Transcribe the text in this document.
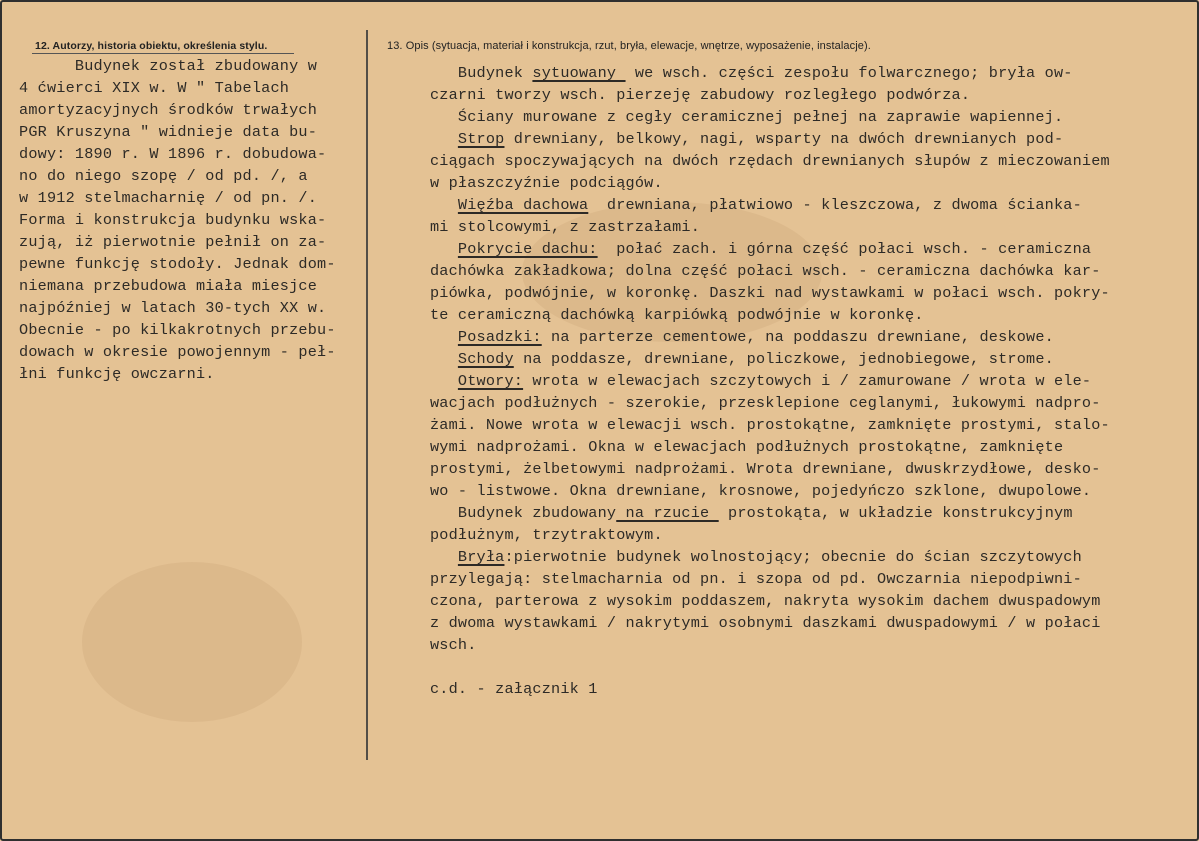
12. Autorzy, historia obiektu, określenia stylu.	13. Opis (sytuacja, materiał i konstrukcja, rzut, bryła, elewacje, wnętrze, wyposażenie, instalacje).
Budynek został zbudowany w
4 ćwierci XIX w. W " Tabelach
amortyzacyjnych środków trwałych
PGR Kruszyna " widnieje data bu-
dowy: 1890 r. W 1896 r. dobudowa-
no do niego szopę / od pd. /, a
w 1912 stelmacharnię / od pn. /.
Forma i konstrukcja budynku wska-
zują, iż pierwotnie pełnił on za-
pewne funkcję stodoły. Jednak dom-
niemana przebudowa miała miesjce
najpóźniej w latach 30-tych XX w.
Obecnie - po kilkakrotnych przebu-
dowach w okresie powojennym - peł-
łni funkcję owczarni.
Budynek sytuowany  we wsch. części zespołu folwarcznego; bryła ow-
czarni tworzy wsch. pierzeję zabudowy rozległego podwórza.
Ściany murowane z cegły ceramicznej pełnej na zaprawie wapiennej.
Strop drewniany, belkowy, nagi, wsparty na dwóch drewnianych pod-
ciągach spoczywających na dwóch rzędach drewnianych słupów z mieczowaniem
w płaszczyźnie podciągów.
Więźba dachowa  drewniana, płatwiowo - kleszczowa, z dwoma ściankа-
mi stolcowymi, z zastrzałami.
Pokrycie dachu:  połać zach. i górna część połaci wsch. - ceramiczna
dachówka zakładkowa; dolna część połaci wsch. - ceramiczna dachówka kar-
piówka, podwójnie, w koronkę. Daszki nad wystawkami w połaci wsch. pokry-
te ceramiczną dachówką karpiówką podwójnie w koronkę.
Posadzki: na parterze cementowe, na poddaszu drewniane, deskowe.
Schody na poddasze, drewniane, policzkowe, jednobiegowe, strome.
Otwory: wrota w elewacjach szczytowych i / zamurowane / wrota w ele-
wacjach podłużnych - szerokie, przesklepione ceglanymi, łukowymi nadpro-
żami. Nowe wrota w elewacji wsch. prostokątne, zamknięte prostymi, stalo-
wymi nadprożami. Okna w elewacjach podłużnych prostokątne, zamknięte
prostymi, żelbetowymi nadprożami. Wrota drewniane, dwuskrzydłowe, desko-
wo - listwowe. Okna drewniane, krosnowe, pojedyńczo szklone, dwupolowe.
Budynek zbudowany na rzucie  prostokąta, w układzie konstrukcyjnym
podłużnym, trzytraktowym.
Bryła:pierwotnie budynek wolnostojący; obecnie do ścian szczytowych
przylegają: stelmacharnia od pn. i szopa od pd. Owczarnia niepodpiwni-
czona, parterowa z wysokim poddaszem, nakryta wysokim dachem dwuspadowym
z dwoma wystawkami / nakrytymi osobnymi daszkami dwuspadowymi / w połaci
wsch.
c.d. - załącznik 1
